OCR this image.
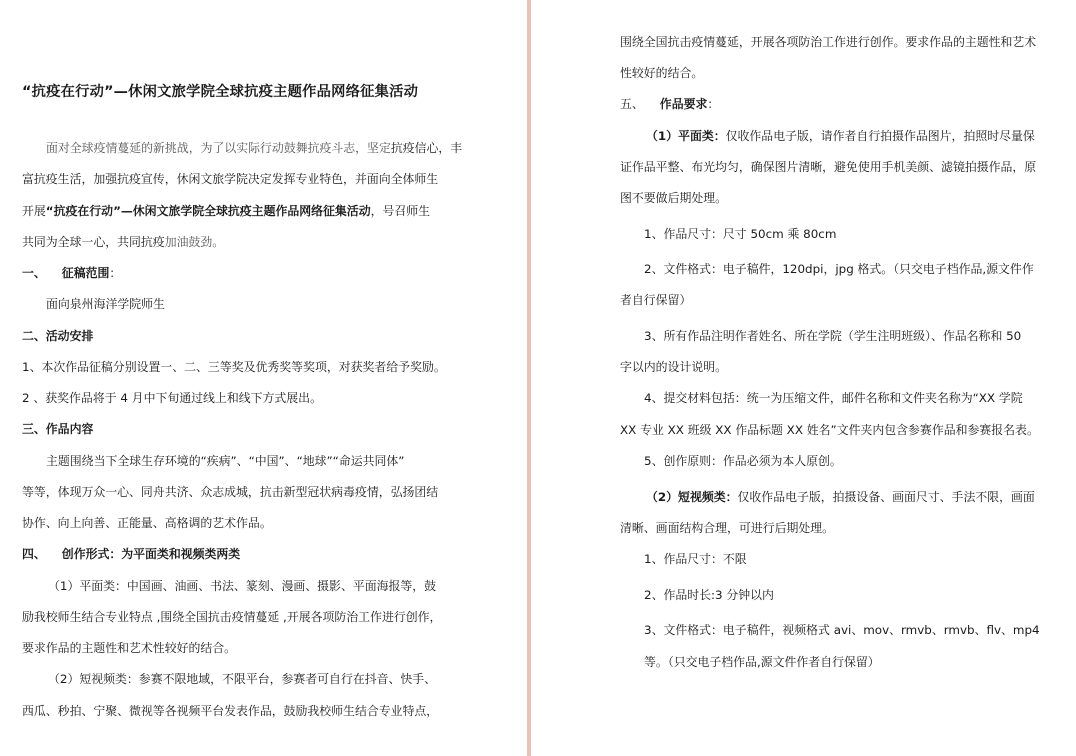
“抗疫在行动”—休闲文旅学院全球抗疫主题作品网络征集活动
面对全球疫情蔓延的新挑战，为了以实际行动鼓舞抗疫斗志，坚定抗疫信心，丰
富抗疫生活，加强抗疫宣传，休闲文旅学院决定发挥专业特色，并面向全体师生
开展“抗疫在行动”—休闲文旅学院全球抗疫主题作品网络征集活动，号召师生
共同为全球一心，共同抗疫加油鼓劲。
一、 征稿范围：
面向泉州海洋学院师生
二、活动安排
1、本次作品征稿分别设置一、二、三等奖及优秀奖等奖项，对获奖者给予奖励。
2 、获奖作品将于 4 月中下旬通过线上和线下方式展出。
三、作品内容
主题围绕当下全球生存环境的“疾病”、“中国”、“地球”“命运共同体”
等等，体现万众一心、同舟共济、众志成城，抗击新型冠状病毒疫情，弘扬团结
协作、向上向善、正能量、高格调的艺术作品。
四、 创作形式：为平面类和视频类两类
（1）平面类：中国画、油画、书法、篆刻、漫画、摄影、平面海报等，鼓
励我校师生结合专业特点 ,围绕全国抗击疫情蔓延 ,开展各项防治工作进行创作，
要求作品的主题性和艺术性较好的结合。
（2）短视频类：参赛不限地域，不限平台，参赛者可自行在抖音、快手、
西瓜、秒拍、宁聚、微视等各视频平台发表作品，鼓励我校师生结合专业特点，
围绕全国抗击疫情蔓延，开展各项防治工作进行创作。要求作品的主题性和艺术
性较好的结合。
五、 作品要求：
（1）平面类：仅收作品电子版，请作者自行拍摄作品图片，拍照时尽量保
证作品平整、布光均匀，确保图片清晰，避免使用手机美颜、滤镜拍摄作品，原
图不要做后期处理。
1、作品尺寸：尺寸 50cm 乘 80cm
2、文件格式：电子稿件，120dpi，jpg 格式。（只交电子档作品,源文件作
者自行保留）
3、所有作品注明作者姓名、所在学院（学生注明班级）、作品名称和 50
字以内的设计说明。
4、提交材料包括：统一为压缩文件，邮件名称和文件夹名称为“XX 学院
XX 专业 XX 班级 XX 作品标题 XX 姓名”文件夹内包含参赛作品和参赛报名表。
5、创作原则：作品必须为本人原创。
（2）短视频类：仅收作品电子版，拍摄设备、画面尺寸、手法不限，画面
清晰、画面结构合理，可进行后期处理。
1、作品尺寸：不限
2、作品时长:3 分钟以内
3、文件格式：电子稿件，视频格式 avi、mov、rmvb、rmvb、flv、mp4
等。（只交电子档作品,源文件作者自行保留）
